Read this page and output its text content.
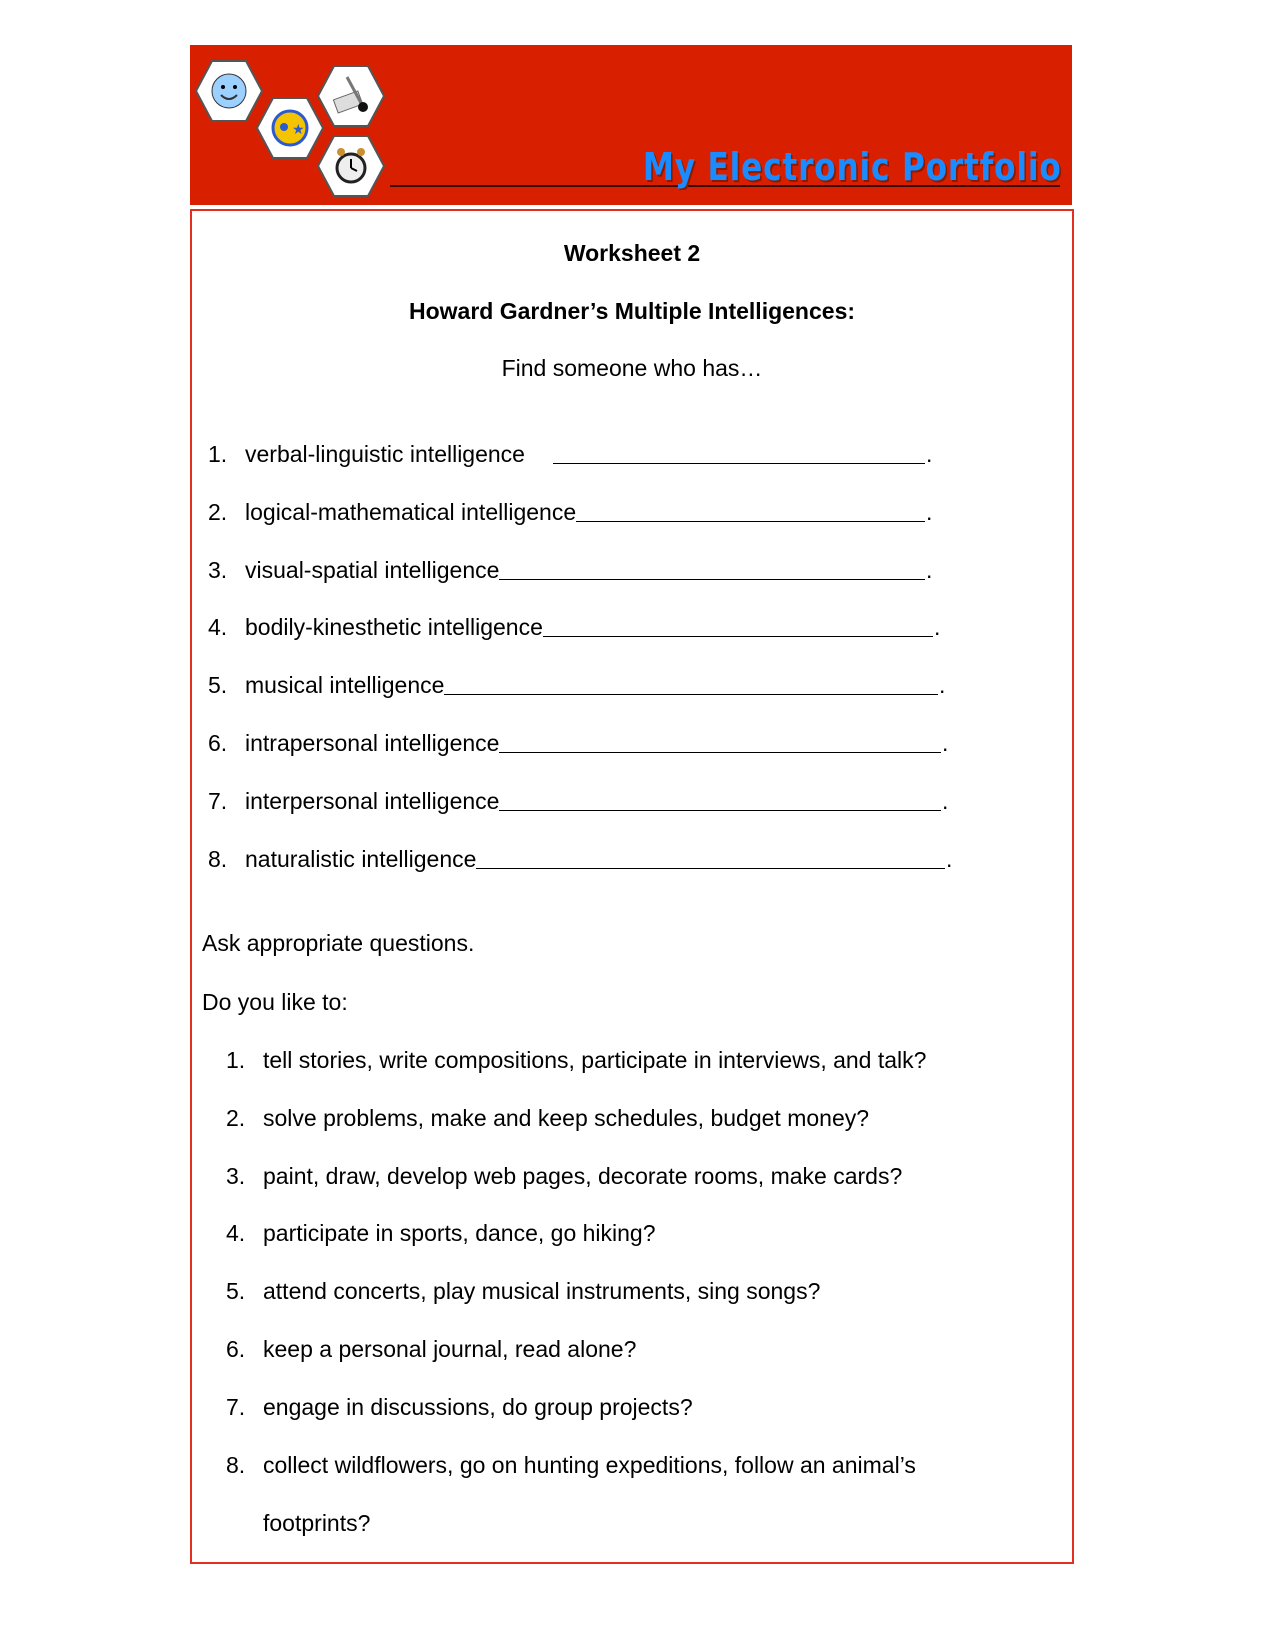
★
My Electronic Portfolio
Worksheet 2
Howard Gardner’s Multiple Intelligences:
Find someone who has…
1. verbal-linguistic intelligence	.
2. logical-mathematical intelligence	.
3. visual-spatial intelligence	.
4. bodily-kinesthetic intelligence	.
5. musical intelligence	.
6. intrapersonal intelligence	.
7. interpersonal intelligence	.
8. naturalistic intelligence	.
Ask appropriate questions.
Do you like to:
1. tell stories, write compositions, participate in interviews, and talk?
2. solve problems, make and keep schedules, budget money?
3. paint, draw, develop web pages, decorate rooms, make cards?
4. participate in sports, dance, go hiking?
5. attend concerts, play musical instruments, sing songs?
6. keep a personal journal, read alone?
7. engage in discussions, do group projects?
8. collect wildflowers, go on hunting expeditions, follow an animal’s
footprints?
